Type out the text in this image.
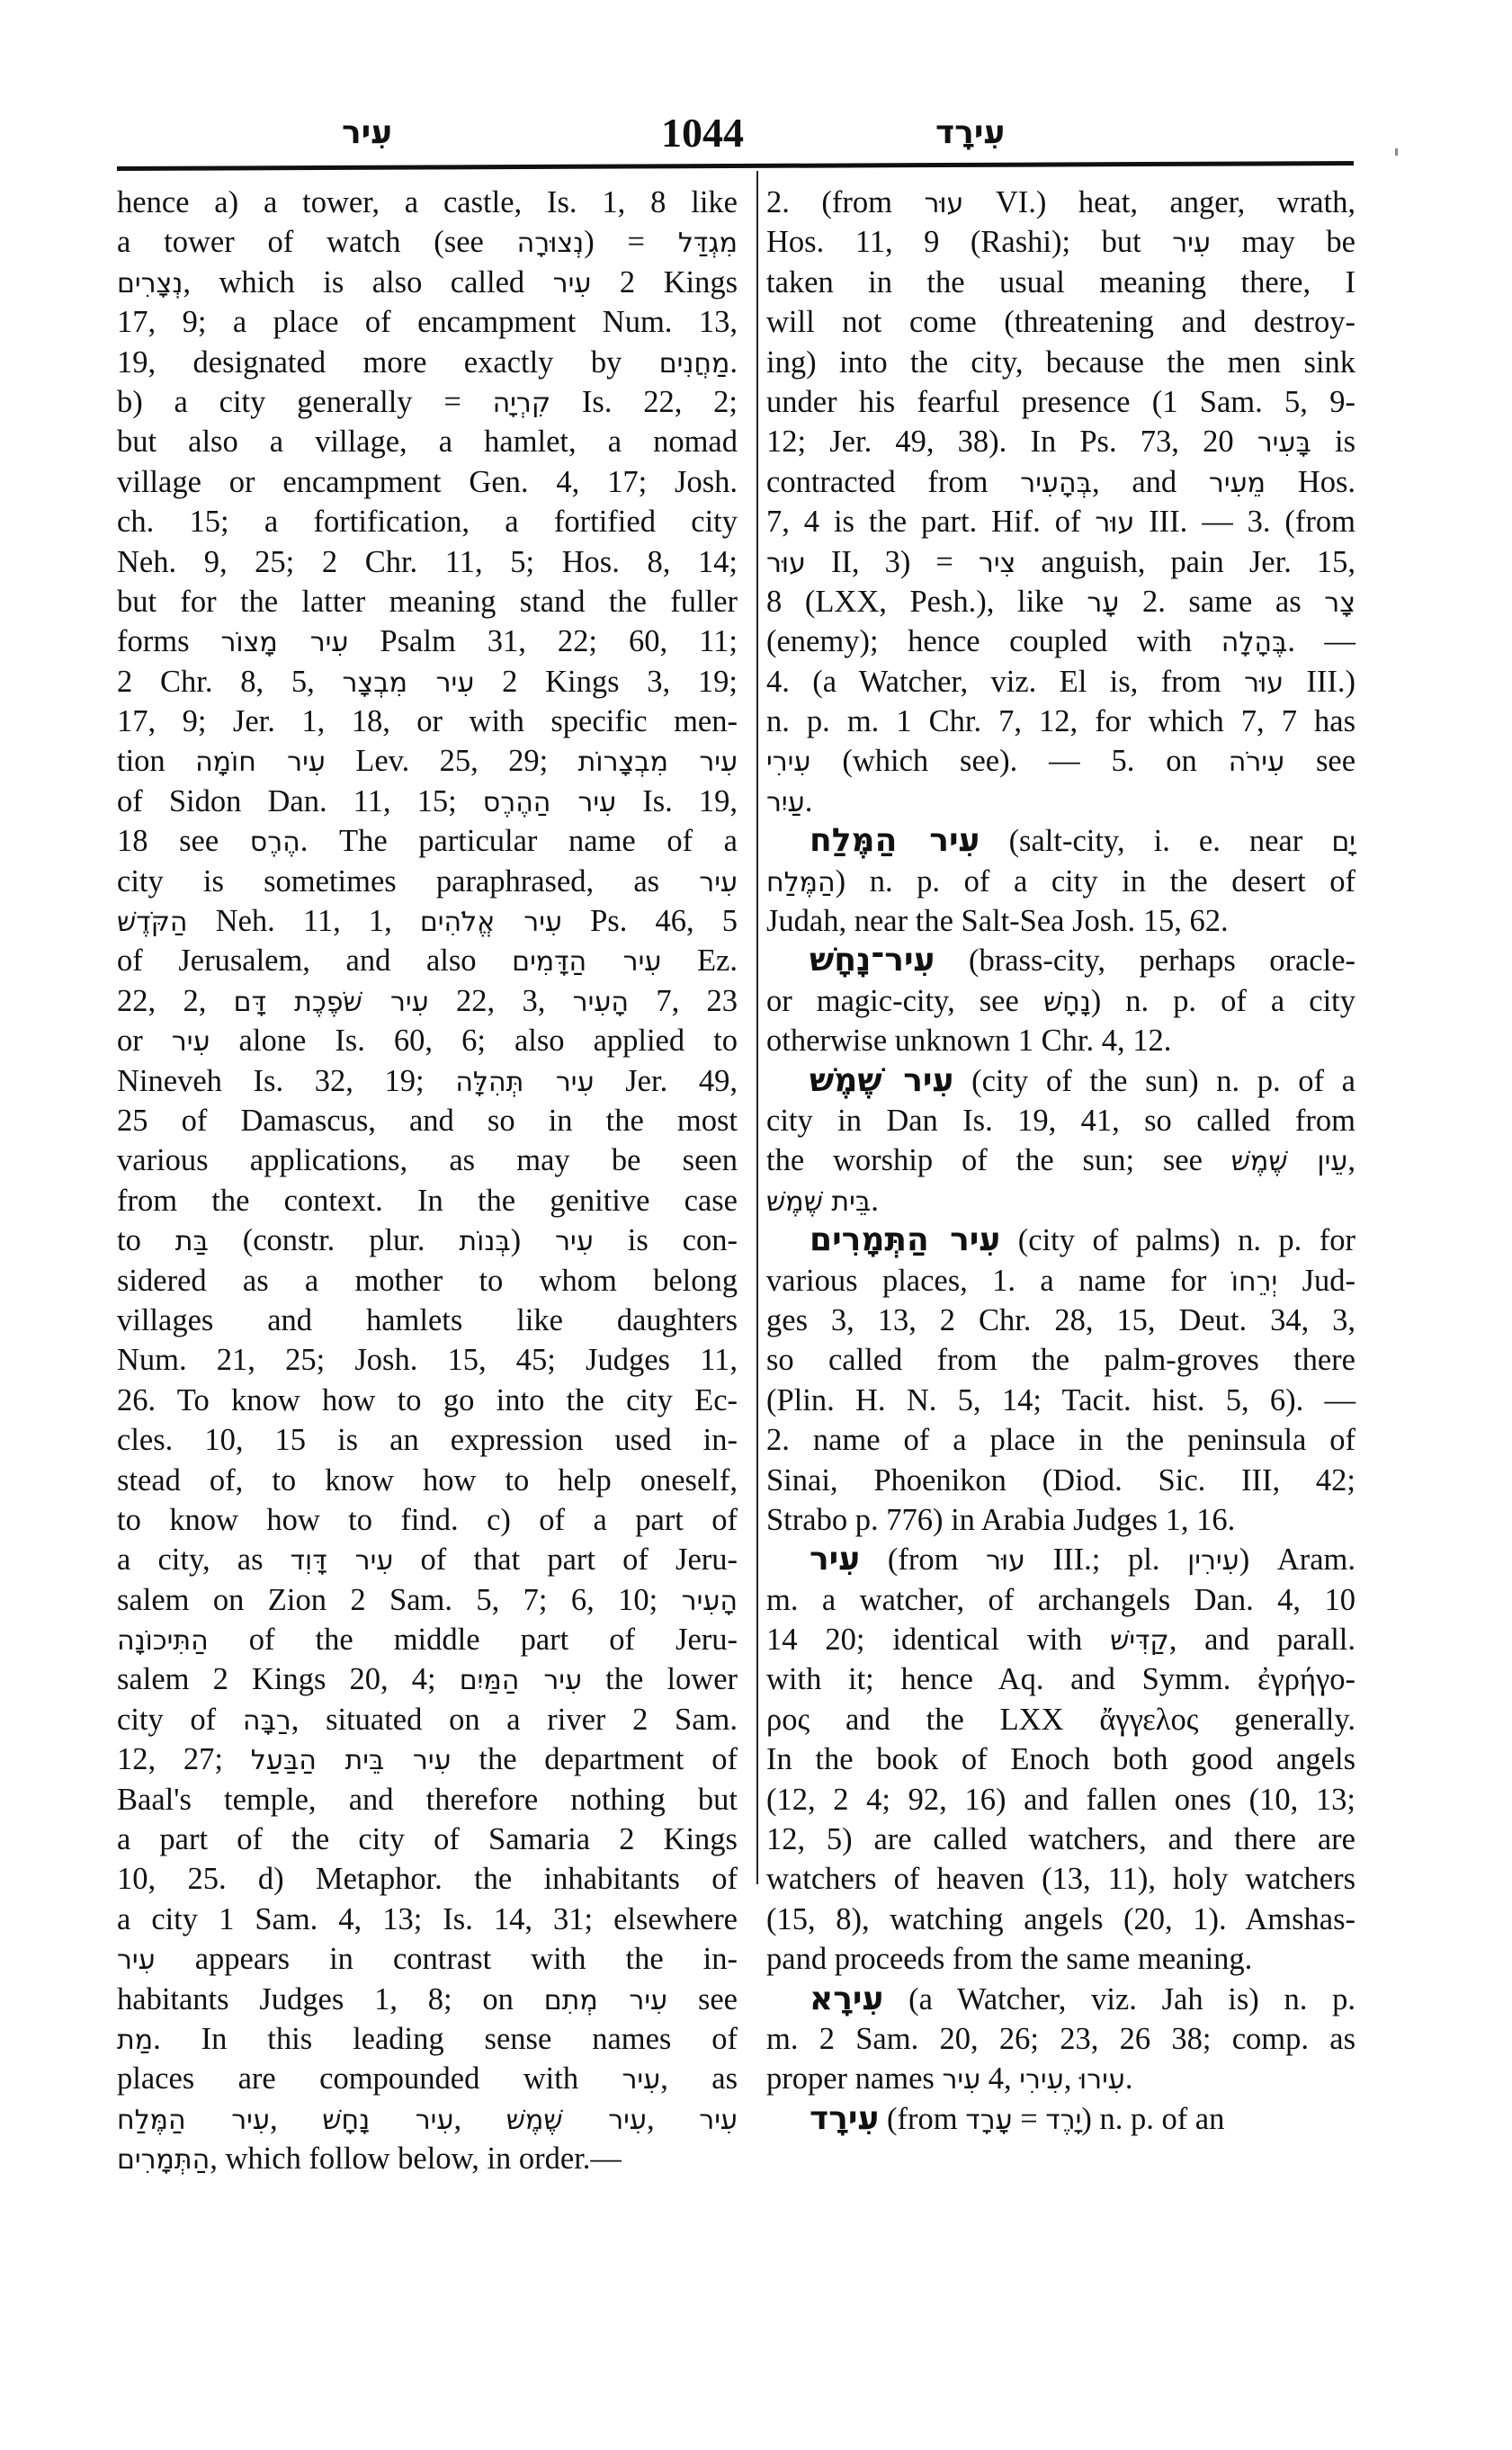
עִיר	1044	עִירָד
hence a) a tower, a castle, Is. 1, 8 like
a tower of watch (see נְצוּרָה) = מִגְדַּל
נְצָרִים, which is also called עִיר 2 Kings
17, 9; a place of encampment Num. 13,
19, designated more exactly by מַחֲנִים.
b) a city generally = קִרְיָה Is. 22, 2;
but also a village, a hamlet, a nomad
village or encampment Gen. 4, 17; Josh.
ch. 15; a fortification, a fortified city
Neh. 9, 25; 2 Chr. 11, 5; Hos. 8, 14;
but for the latter meaning stand the fuller
forms עִיר מָצוֹר Psalm 31, 22; 60, 11;
2 Chr. 8, 5, עִיר מִבְצָר 2 Kings 3, 19;
17, 9; Jer. 1, 18, or with specific men-
tion עִיר חוֹמָה Lev. 25, 29; עִיר מִבְצָרוֹת
of Sidon Dan. 11, 15; עִיר הַהֶרֶס Is. 19,
18 see הֶרֶס. The particular name of a
city is sometimes paraphrased, as עִיר
הַקֹּדֶשׁ Neh. 11, 1, עִיר אֱלֹהִים Ps. 46, 5
of Jerusalem, and also עִיר הַדָּמִים Ez.
22, 2, עִיר שֹׁפֶכֶת דָּם 22, 3, הָעִיר 7, 23
or עִיר alone Is. 60, 6; also applied to
Nineveh Is. 32, 19; עִיר תְּהִלָּה Jer. 49,
25 of Damascus, and so in the most
various applications, as may be seen
from the context. In the genitive case
to בַּת (constr. plur. בְּנוֹת) עִיר is con-
sidered as a mother to whom belong
villages and hamlets like daughters
Num. 21, 25; Josh. 15, 45; Judges 11,
26. To know how to go into the city Ec-
cles. 10, 15 is an expression used in-
stead of, to know how to help oneself,
to know how to find. c) of a part of
a city, as עִיר דָּוִד of that part of Jeru-
salem on Zion 2 Sam. 5, 7; 6, 10; הָעִיר
הַתִּיכוֹנָה of the middle part of Jeru-
salem 2 Kings 20, 4; עִיר הַמַּיִם the lower
city of רַבָּה, situated on a river 2 Sam.
12, 27; עִיר בֵּית הַבַּעַל the department of
Baal's temple, and therefore nothing but
a part of the city of Samaria 2 Kings
10, 25. d) Metaphor. the inhabitants of
a city 1 Sam. 4, 13; Is. 14, 31; elsewhere
עִיר appears in contrast with the in-
habitants Judges 1, 8; on עִיר מְתִם see
מַת. In this leading sense names of
places are compounded with עִיר, as
עִיר הַמֶּלַח, עִיר נָחָשׁ, עִיר שֶׁמֶשׁ, עִיר
הַתְּמָרִים, which follow below, in order.—
2. (from עוּר VI.) heat, anger, wrath,
Hos. 11, 9 (Rashi); but עִיר may be
taken in the usual meaning there, I
will not come (threatening and destroy-
ing) into the city, because the men sink
under his fearful presence (1 Sam. 5, 9-
12; Jer. 49, 38). In Ps. 73, 20 בָּעִיר is
contracted from בְּהָעִיר, and מֵעִיר Hos.
7, 4 is the part. Hif. of עוּר III. — 3. (from
עוּר II, 3) = צִיר anguish, pain Jer. 15,
8 (LXX, Pesh.), like עָר 2. same as צָר
(enemy); hence coupled with בֶּהָלָה. —
4. (a Watcher, viz. El is, from עוּר III.)
n. p. m. 1 Chr. 7, 12, for which 7, 7 has
עִירִי (which see). — 5. on עִירֹה see
עַיִר.
עִיר הַמֶּלַח (salt-city, i. e. near יָם
הַמֶּלַח) n. p. of a city in the desert of
Judah, near the Salt-Sea Josh. 15, 62.
עִיר־נָחָשׁ (brass-city, perhaps oracle-
or magic-city, see נָחָשׁ) n. p. of a city
otherwise unknown 1 Chr. 4, 12.
עִיר שֶׁמֶשׁ (city of the sun) n. p. of a
city in Dan Is. 19, 41, so called from
the worship of the sun; see עֵין שֶׁמֶשׁ,
בֵּית שֶׁמֶשׁ.
עִיר הַתְּמָרִים (city of palms) n. p. for
various places, 1. a name for יְרֵחוֹ Jud-
ges 3, 13, 2 Chr. 28, 15, Deut. 34, 3,
so called from the palm-groves there
(Plin. H. N. 5, 14; Tacit. hist. 5, 6). —
2. name of a place in the peninsula of
Sinai, Phoenikon (Diod. Sic. III, 42;
Strabo p. 776) in Arabia Judges 1, 16.
עִיר (from עוּר III.; pl. עִירִין) Aram.
m. a watcher, of archangels Dan. 4, 10
14 20; identical with קַדִּישׁ, and parall.
with it; hence Aq. and Symm. ἐγρήγο-
ρος and the LXX ἄγγελος generally.
In the book of Enoch both good angels
(12, 2 4; 92, 16) and fallen ones (10, 13;
12, 5) are called watchers, and there are
watchers of heaven (13, 11), holy watchers
(15, 8), watching angels (20, 1). Amshas-
pand proceeds from the same meaning.
עִירָא (a Watcher, viz. Jah is) n. p.
m. 2 Sam. 20, 26; 23, 26 38; comp. as
proper names עִיר 4, עִירִי, עִירוּ.
עִירָד (from עָרָד = יָרֶד) n. p. of an
